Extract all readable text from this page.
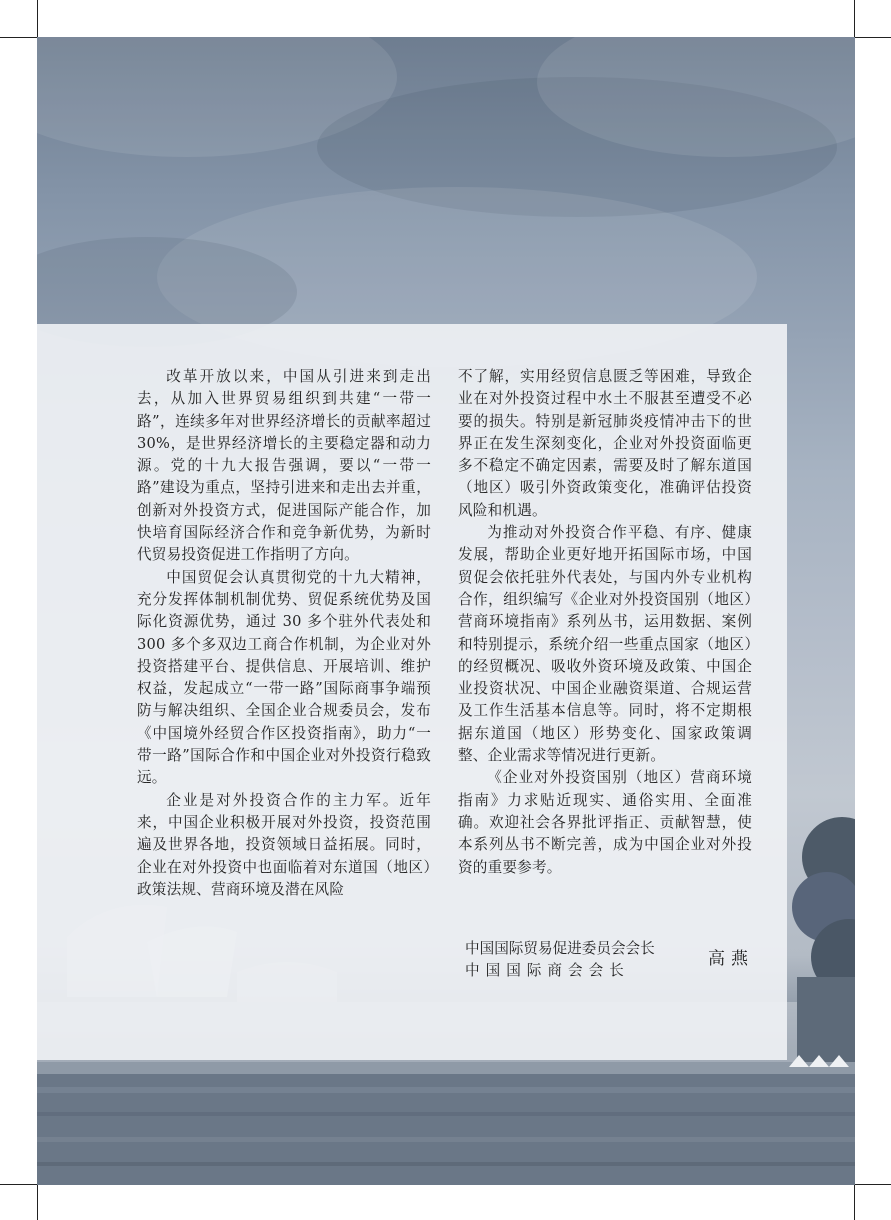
改革开放以来，中国从引进来到走出去，从加入世界贸易组织到共建“一带一路”，连续多年对世界经济增长的贡献率超过 30%，是世界经济增长的主要稳定器和动力源。党的十九大报告强调，要以“一带一路”建设为重点，坚持引进来和走出去并重，创新对外投资方式，促进国际产能合作，加快培育国际经济合作和竞争新优势，为新时代贸易投资促进工作指明了方向。

中国贸促会认真贯彻党的十九大精神，充分发挥体制机制优势、贸促系统优势及国际化资源优势，通过 30 多个驻外代表处和 300 多个多双边工商合作机制，为企业对外投资搭建平台、提供信息、开展培训、维护权益，发起成立“一带一路”国际商事争端预防与解决组织、全国企业合规委员会，发布《中国境外经贸合作区投资指南》，助力“一带一路”国际合作和中国企业对外投资行稳致远。

企业是对外投资合作的主力军。近年来，中国企业积极开展对外投资，投资范围遍及世界各地，投资领域日益拓展。同时，企业在对外投资中也面临着对东道国（地区）政策法规、营商环境及潜在风险

不了解，实用经贸信息匮乏等困难，导致企业在对外投资过程中水土不服甚至遭受不必要的损失。特别是新冠肺炎疫情冲击下的世界正在发生深刻变化，企业对外投资面临更多不稳定不确定因素，需要及时了解东道国（地区）吸引外资政策变化，准确评估投资风险和机遇。

为推动对外投资合作平稳、有序、健康发展，帮助企业更好地开拓国际市场，中国贸促会依托驻外代表处，与国内外专业机构合作，组织编写《企业对外投资国别（地区）营商环境指南》系列丛书，运用数据、案例和特别提示，系统介绍一些重点国家（地区）的经贸概况、吸收外资环境及政策、中国企业投资状况、中国企业融资渠道、合规运营及工作生活基本信息等。同时，将不定期根据东道国（地区）形势变化、国家政策调整、企业需求等情况进行更新。

《企业对外投资国别（地区）营商环境指南》力求贴近现实、通俗实用、全面准确。欢迎社会各界批评指正、贡献智慧，使本系列丛书不断完善，成为中国企业对外投资的重要参考。

中国国际贸易促进委员会会长
中国国际商会会长
高燕
